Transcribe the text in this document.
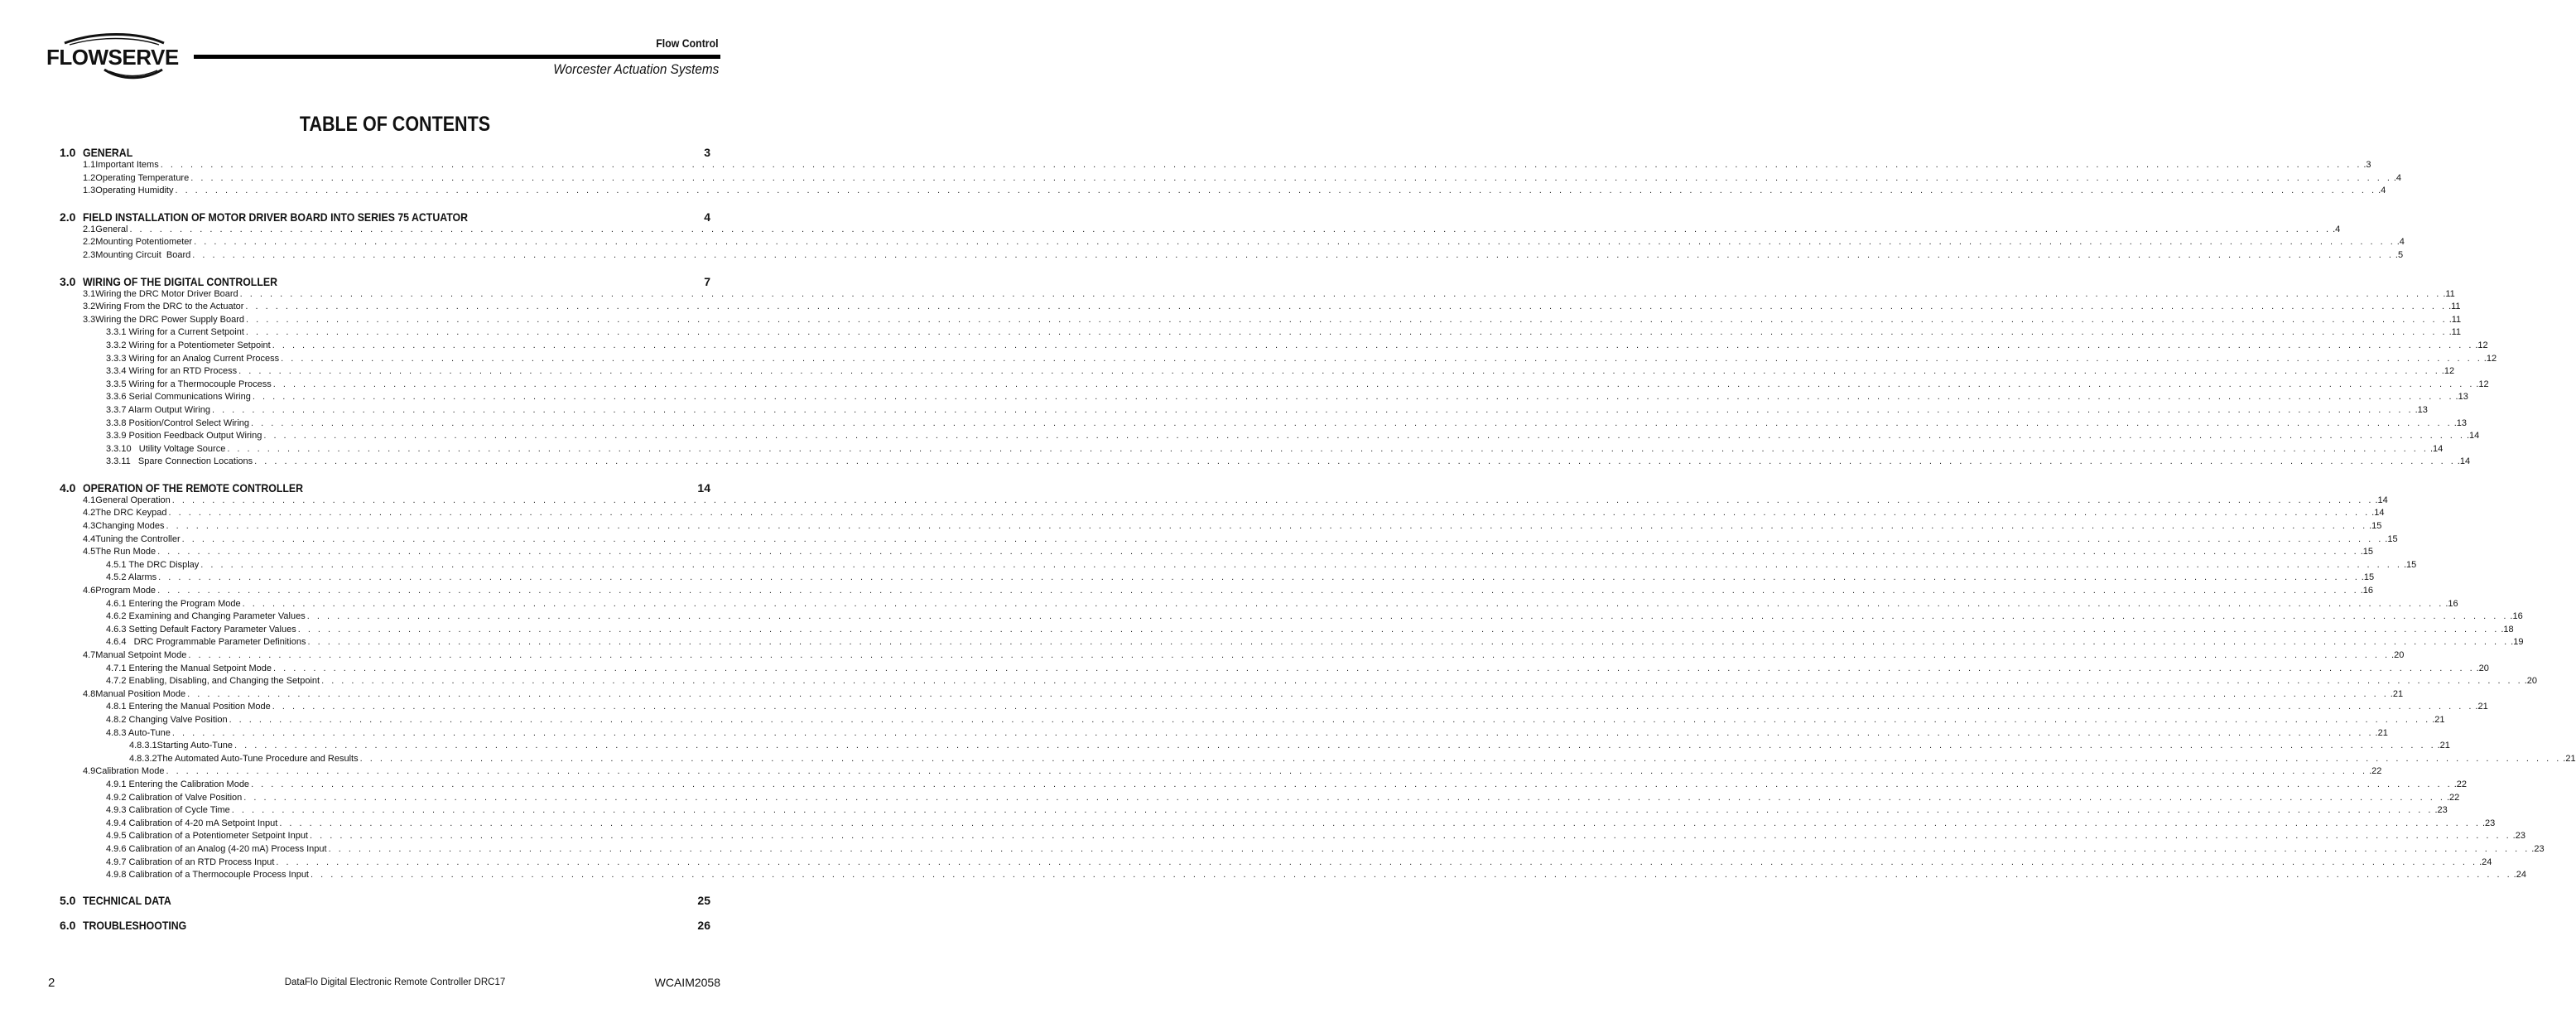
FLOWSERVE
Flow Control
Worcester Actuation Systems
TABLE OF CONTENTS
1.0 GENERAL	3
1.1 Important Items . . . . . . . . . . . . . . . . . . . . . . . . . . . . . . . . . . . . . . . . . . . . . . . . . . . . . . . . . . . . . . . . . . . . . . . . . . . . . . . . . . . . . . . . . . . . . . . . . . . . . . . . . . . . . . . . . . . . . . . . . . . . . . . . . . . . . . . . . . . . . . . . . . . . . . . . . . . . . . . . . . . . . . . . . . . . . . . . . . . . . . . . . . . . . . . . . . . . . . . . . . . . . . . . . . . . . . . . . . . . .3
1.2 Operating Temperature . . . . . . . . . . . . . . . . . . . . . . . . . . . . . . . . . . . . . . . . . . . . . . . . . . . . . . . . . . . . . . . . . . . . . . . . . . . . . . . . . . . . . . . . . . . . . . . . . . . . . . . . . . . . . . . . . . . . . . . . . . . . . . . . . . . . . . . . . . . . . . . . . . . . . . . . . . . . . . . . . . . . . . . . . . . . . . . . . . . . . . . . . . . . . . . . . . . . . . . . . . . . . . . . . . . . . . . . . . . . .4
1.3 Operating Humidity . . . . . . . . . . . . . . . . . . . . . . . . . . . . . . . . . . . . . . . . . . . . . . . . . . . . . . . . . . . . . . . . . . . . . . . . . . . . . . . . . . . . . . . . . . . . . . . . . . . . . . . . . . . . . . . . . . . . . . . . . . . . . . . . . . . . . . . . . . . . . . . . . . . . . . . . . . . . . . . . . . . . . . . . . . . . . . . . . . . . . . . . . . . . . . . . . . . . . . . . . . . . . . . . . . . . . . . . . . . . .4
2.0 FIELD INSTALLATION OF MOTOR DRIVER BOARD INTO SERIES 75 ACTUATOR	4
2.1 General . . . . . . . . . . . . . . . . . . . . . . . . . . . . . . . . . . . . . . . . . . . . . . . . . . . . . . . . . . . . . . . . . . . . . . . . . . . . . . . . . . . . . . . . . . . . . . . . . . . . . . . . . . . . . . . . . . . . . . . . . . . . . . . . . . . . . . . . . . . . . . . . . . . . . . . . . . . . . . . . . . . . . . . . . . . . . . . . . . . . . . . . . . . . . . . . . . . . . . . . . . . . . . . . . . . . . . . . . . . . .4
2.2 Mounting Potentiometer . . . . . . . . . . . . . . . . . . . . . . . . . . . . . . . . . . . . . . . . . . . . . . . . . . . . . . . . . . . . . . . . . . . . . . . . . . . . . . . . . . . . . . . . . . . . . . . . . . . . . . . . . . . . . . . . . . . . . . . . . . . . . . . . . . . . . . . . . . . . . . . . . . . . . . . . . . . . . . . . . . . . . . . . . . . . . . . . . . . . . . . . . . . . . . . . . . . . . . . . . . . . . . . . . . . . . . . . . . . . .4
2.3 Mounting Circuit  Board . . . . . . . . . . . . . . . . . . . . . . . . . . . . . . . . . . . . . . . . . . . . . . . . . . . . . . . . . . . . . . . . . . . . . . . . . . . . . . . . . . . . . . . . . . . . . . . . . . . . . . . . . . . . . . . . . . . . . . . . . . . . . . . . . . . . . . . . . . . . . . . . . . . . . . . . . . . . . . . . . . . . . . . . . . . . . . . . . . . . . . . . . . . . . . . . . . . . . . . . . . . . . . . . . . . . . . . . . . . . .5
3.0 WIRING OF THE DIGITAL CONTROLLER	7
3.1 Wiring the DRC Motor Driver Board . . . . . . . . . . . . . . . . . . . . . . . . . . . . . . . . . . . . . . . . . . . . . . . . . . . . . . . . . . . . . . . . . . . . . . . . . . . . . . . . . . . . . . . . . . . . . . . . . . . . . . . . . . . . . . . . . . . . . . . . . . . . . . . . . . . . . . . . . . . . . . . . . . . . . . . . . . . . . . . . . . . . . . . . . . . . . . . . . . . . . . . . . . . . . . . . . . . . . . . . . . . . . . . . . . . . . . . . . . . . .11
3.2 Wiring From the DRC to the Actuator . . . . . . . . . . . . . . . . . . . . . . . . . . . . . . . . . . . . . . . . . . . . . . . . . . . . . . . . . . . . . . . . . . . . . . . . . . . . . . . . . . . . . . . . . . . . . . . . . . . . . . . . . . . . . . . . . . . . . . . . . . . . . . . . . . . . . . . . . . . . . . . . . . . . . . . . . . . . . . . . . . . . . . . . . . . . . . . . . . . . . . . . . . . . . . . . . . . . . . . . . . . . . . . . . . . . . . . . . . . . .11
3.3 Wiring the DRC Power Supply Board . . . . . . . . . . . . . . . . . . . . . . . . . . . . . . . . . . . . . . . . . . . . . . . . . . . . . . . . . . . . . . . . . . . . . . . . . . . . . . . . . . . . . . . . . . . . . . . . . . . . . . . . . . . . . . . . . . . . . . . . . . . . . . . . . . . . . . . . . . . . . . . . . . . . . . . . . . . . . . . . . . . . . . . . . . . . . . . . . . . . . . . . . . . . . . . . . . . . . . . . . . . . . . . . . . . . . . . . . . . . .11
3.3.1 Wiring for a Current Setpoint . . . . . . . . . . . . . . . . . . . . . . . . . . . . . . . . . . . . . . . . . . . . . . . . . . . . . . . . . . . . . . . . . . . . . . . . . . . . . . . . . . . . . . . . . . . . . . . . . . . . . . . . . . . . . . . . . . . . . . . . . . . . . . . . . . . . . . . . . . . . . . . . . . . . . . . . . . . . . . . . . . . . . . . . . . . . . . . . . . . . . . . . . . . . . . . . . . . . . . . . . . . . . . . . . . . . . . . . . . . . .11
3.3.2 Wiring for a Potentiometer Setpoint . . . . . . . . . . . . . . . . . . . . . . . . . . . . . . . . . . . . . . . . . . . . . . . . . . . . . . . . . . . . . . . . . . . . . . . . . . . . . . . . . . . . . . . . . . . . . . . . . . . . . . . . . . . . . . . . . . . . . . . . . . . . . . . . . . . . . . . . . . . . . . . . . . . . . . . . . . . . . . . . . . . . . . . . . . . . . . . . . . . . . . . . . . . . . . . . . . . . . . . . . . . . . . . . . . . . . . . . . . . . .12
3.3.3 Wiring for an Analog Current Process . . . . . . . . . . . . . . . . . . . . . . . . . . . . . . . . . . . . . . . . . . . . . . . . . . . . . . . . . . . . . . . . . . . . . . . . . . . . . . . . . . . . . . . . . . . . . . . . . . . . . . . . . . . . . . . . . . . . . . . . . . . . . . . . . . . . . . . . . . . . . . . . . . . . . . . . . . . . . . . . . . . . . . . . . . . . . . . . . . . . . . . . . . . . . . . . . . . . . . . . . . . . . . . . . . . . . . . . . . . . .12
3.3.4 Wiring for an RTD Process . . . . . . . . . . . . . . . . . . . . . . . . . . . . . . . . . . . . . . . . . . . . . . . . . . . . . . . . . . . . . . . . . . . . . . . . . . . . . . . . . . . . . . . . . . . . . . . . . . . . . . . . . . . . . . . . . . . . . . . . . . . . . . . . . . . . . . . . . . . . . . . . . . . . . . . . . . . . . . . . . . . . . . . . . . . . . . . . . . . . . . . . . . . . . . . . . . . . . . . . . . . . . . . . . . . . . . . . . . . . .12
3.3.5 Wiring for a Thermocouple Process . . . . . . . . . . . . . . . . . . . . . . . . . . . . . . . . . . . . . . . . . . . . . . . . . . . . . . . . . . . . . . . . . . . . . . . . . . . . . . . . . . . . . . . . . . . . . . . . . . . . . . . . . . . . . . . . . . . . . . . . . . . . . . . . . . . . . . . . . . . . . . . . . . . . . . . . . . . . . . . . . . . . . . . . . . . . . . . . . . . . . . . . . . . . . . . . . . . . . . . . . . . . . . . . . . . . . . . . . . . . .12
3.3.6 Serial Communications Wiring . . . . . . . . . . . . . . . . . . . . . . . . . . . . . . . . . . . . . . . . . . . . . . . . . . . . . . . . . . . . . . . . . . . . . . . . . . . . . . . . . . . . . . . . . . . . . . . . . . . . . . . . . . . . . . . . . . . . . . . . . . . . . . . . . . . . . . . . . . . . . . . . . . . . . . . . . . . . . . . . . . . . . . . . . . . . . . . . . . . . . . . . . . . . . . . . . . . . . . . . . . . . . . . . . . . . . . . . . . . . .13
3.3.7 Alarm Output Wiring . . . . . . . . . . . . . . . . . . . . . . . . . . . . . . . . . . . . . . . . . . . . . . . . . . . . . . . . . . . . . . . . . . . . . . . . . . . . . . . . . . . . . . . . . . . . . . . . . . . . . . . . . . . . . . . . . . . . . . . . . . . . . . . . . . . . . . . . . . . . . . . . . . . . . . . . . . . . . . . . . . . . . . . . . . . . . . . . . . . . . . . . . . . . . . . . . . . . . . . . . . . . . . . . . . . . . . . . . . . . .13
3.3.8 Position/Control Select Wiring . . . . . . . . . . . . . . . . . . . . . . . . . . . . . . . . . . . . . . . . . . . . . . . . . . . . . . . . . . . . . . . . . . . . . . . . . . . . . . . . . . . . . . . . . . . . . . . . . . . . . . . . . . . . . . . . . . . . . . . . . . . . . . . . . . . . . . . . . . . . . . . . . . . . . . . . . . . . . . . . . . . . . . . . . . . . . . . . . . . . . . . . . . . . . . . . . . . . . . . . . . . . . . . . . . . . . . . . . . . . .13
3.3.9 Position Feedback Output Wiring . . . . . . . . . . . . . . . . . . . . . . . . . . . . . . . . . . . . . . . . . . . . . . . . . . . . . . . . . . . . . . . . . . . . . . . . . . . . . . . . . . . . . . . . . . . . . . . . . . . . . . . . . . . . . . . . . . . . . . . . . . . . . . . . . . . . . . . . . . . . . . . . . . . . . . . . . . . . . . . . . . . . . . . . . . . . . . . . . . . . . . . . . . . . . . . . . . . . . . . . . . . . . . . . . . . . . . . . . . . . .14
3.3.10   Utility Voltage Source . . . . . . . . . . . . . . . . . . . . . . . . . . . . . . . . . . . . . . . . . . . . . . . . . . . . . . . . . . . . . . . . . . . . . . . . . . . . . . . . . . . . . . . . . . . . . . . . . . . . . . . . . . . . . . . . . . . . . . . . . . . . . . . . . . . . . . . . . . . . . . . . . . . . . . . . . . . . . . . . . . . . . . . . . . . . . . . . . . . . . . . . . . . . . . . . . . . . . . . . . . . . . . . . . . . . . . . . . . . . .14
3.3.11   Spare Connection Locations . . . . . . . . . . . . . . . . . . . . . . . . . . . . . . . . . . . . . . . . . . . . . . . . . . . . . . . . . . . . . . . . . . . . . . . . . . . . . . . . . . . . . . . . . . . . . . . . . . . . . . . . . . . . . . . . . . . . . . . . . . . . . . . . . . . . . . . . . . . . . . . . . . . . . . . . . . . . . . . . . . . . . . . . . . . . . . . . . . . . . . . . . . . . . . . . . . . . . . . . . . . . . . . . . . . . . . . . . . . . .14
4.0 OPERATION OF THE REMOTE CONTROLLER	14
4.1 General Operation . . . . . . . . . . . . . . . . . . . . . . . . . . . . . . . . . . . . . . . . . . . . . . . . . . . . . . . . . . . . . . . . . . . . . . . . . . . . . . . . . . . . . . . . . . . . . . . . . . . . . . . . . . . . . . . . . . . . . . . . . . . . . . . . . . . . . . . . . . . . . . . . . . . . . . . . . . . . . . . . . . . . . . . . . . . . . . . . . . . . . . . . . . . . . . . . . . . . . . . . . . . . . . . . . . . . . . . . . . . . .14
4.2 The DRC Keypad . . . . . . . . . . . . . . . . . . . . . . . . . . . . . . . . . . . . . . . . . . . . . . . . . . . . . . . . . . . . . . . . . . . . . . . . . . . . . . . . . . . . . . . . . . . . . . . . . . . . . . . . . . . . . . . . . . . . . . . . . . . . . . . . . . . . . . . . . . . . . . . . . . . . . . . . . . . . . . . . . . . . . . . . . . . . . . . . . . . . . . . . . . . . . . . . . . . . . . . . . . . . . . . . . . . . . . . . . . . . .14
4.3 Changing Modes . . . . . . . . . . . . . . . . . . . . . . . . . . . . . . . . . . . . . . . . . . . . . . . . . . . . . . . . . . . . . . . . . . . . . . . . . . . . . . . . . . . . . . . . . . . . . . . . . . . . . . . . . . . . . . . . . . . . . . . . . . . . . . . . . . . . . . . . . . . . . . . . . . . . . . . . . . . . . . . . . . . . . . . . . . . . . . . . . . . . . . . . . . . . . . . . . . . . . . . . . . . . . . . . . . . . . . . . . . . . .15
4.4 Tuning the Controller . . . . . . . . . . . . . . . . . . . . . . . . . . . . . . . . . . . . . . . . . . . . . . . . . . . . . . . . . . . . . . . . . . . . . . . . . . . . . . . . . . . . . . . . . . . . . . . . . . . . . . . . . . . . . . . . . . . . . . . . . . . . . . . . . . . . . . . . . . . . . . . . . . . . . . . . . . . . . . . . . . . . . . . . . . . . . . . . . . . . . . . . . . . . . . . . . . . . . . . . . . . . . . . . . . . . . . . . . . . . .15
4.5 The Run Mode . . . . . . . . . . . . . . . . . . . . . . . . . . . . . . . . . . . . . . . . . . . . . . . . . . . . . . . . . . . . . . . . . . . . . . . . . . . . . . . . . . . . . . . . . . . . . . . . . . . . . . . . . . . . . . . . . . . . . . . . . . . . . . . . . . . . . . . . . . . . . . . . . . . . . . . . . . . . . . . . . . . . . . . . . . . . . . . . . . . . . . . . . . . . . . . . . . . . . . . . . . . . . . . . . . . . . . . . . . . . .15
4.5.1 The DRC Display . . . . . . . . . . . . . . . . . . . . . . . . . . . . . . . . . . . . . . . . . . . . . . . . . . . . . . . . . . . . . . . . . . . . . . . . . . . . . . . . . . . . . . . . . . . . . . . . . . . . . . . . . . . . . . . . . . . . . . . . . . . . . . . . . . . . . . . . . . . . . . . . . . . . . . . . . . . . . . . . . . . . . . . . . . . . . . . . . . . . . . . . . . . . . . . . . . . . . . . . . . . . . . . . . . . . . . . . . . . . .15
4.5.2 Alarms . . . . . . . . . . . . . . . . . . . . . . . . . . . . . . . . . . . . . . . . . . . . . . . . . . . . . . . . . . . . . . . . . . . . . . . . . . . . . . . . . . . . . . . . . . . . . . . . . . . . . . . . . . . . . . . . . . . . . . . . . . . . . . . . . . . . . . . . . . . . . . . . . . . . . . . . . . . . . . . . . . . . . . . . . . . . . . . . . . . . . . . . . . . . . . . . . . . . . . . . . . . . . . . . . . . . . . . . . . . . .15
4.6 Program Mode . . . . . . . . . . . . . . . . . . . . . . . . . . . . . . . . . . . . . . . . . . . . . . . . . . . . . . . . . . . . . . . . . . . . . . . . . . . . . . . . . . . . . . . . . . . . . . . . . . . . . . . . . . . . . . . . . . . . . . . . . . . . . . . . . . . . . . . . . . . . . . . . . . . . . . . . . . . . . . . . . . . . . . . . . . . . . . . . . . . . . . . . . . . . . . . . . . . . . . . . . . . . . . . . . . . . . . . . . . . . .16
4.6.1 Entering the Program Mode . . . . . . . . . . . . . . . . . . . . . . . . . . . . . . . . . . . . . . . . . . . . . . . . . . . . . . . . . . . . . . . . . . . . . . . . . . . . . . . . . . . . . . . . . . . . . . . . . . . . . . . . . . . . . . . . . . . . . . . . . . . . . . . . . . . . . . . . . . . . . . . . . . . . . . . . . . . . . . . . . . . . . . . . . . . . . . . . . . . . . . . . . . . . . . . . . . . . . . . . . . . . . . . . . . . . . . . . . . . . .16
4.6.2 Examining and Changing Parameter Values . . . . . . . . . . . . . . . . . . . . . . . . . . . . . . . . . . . . . . . . . . . . . . . . . . . . . . . . . . . . . . . . . . . . . . . . . . . . . . . . . . . . . . . . . . . . . . . . . . . . . . . . . . . . . . . . . . . . . . . . . . . . . . . . . . . . . . . . . . . . . . . . . . . . . . . . . . . . . . . . . . . . . . . . . . . . . . . . . . . . . . . . . . . . . . . . . . . . . . . . . . . . . . . . . . . . . . . . . . . . .16
4.6.3 Setting Default Factory Parameter Values . . . . . . . . . . . . . . . . . . . . . . . . . . . . . . . . . . . . . . . . . . . . . . . . . . . . . . . . . . . . . . . . . . . . . . . . . . . . . . . . . . . . . . . . . . . . . . . . . . . . . . . . . . . . . . . . . . . . . . . . . . . . . . . . . . . . . . . . . . . . . . . . . . . . . . . . . . . . . . . . . . . . . . . . . . . . . . . . . . . . . . . . . . . . . . . . . . . . . . . . . . . . . . . . . . . . . . . . . . . . .18
4.6.4   DRC Programmable Parameter Definitions . . . . . . . . . . . . . . . . . . . . . . . . . . . . . . . . . . . . . . . . . . . . . . . . . . . . . . . . . . . . . . . . . . . . . . . . . . . . . . . . . . . . . . . . . . . . . . . . . . . . . . . . . . . . . . . . . . . . . . . . . . . . . . . . . . . . . . . . . . . . . . . . . . . . . . . . . . . . . . . . . . . . . . . . . . . . . . . . . . . . . . . . . . . . . . . . . . . . . . . . . . . . . . . . . . . . . . . . . . . . .19
4.7 Manual Setpoint Mode . . . . . . . . . . . . . . . . . . . . . . . . . . . . . . . . . . . . . . . . . . . . . . . . . . . . . . . . . . . . . . . . . . . . . . . . . . . . . . . . . . . . . . . . . . . . . . . . . . . . . . . . . . . . . . . . . . . . . . . . . . . . . . . . . . . . . . . . . . . . . . . . . . . . . . . . . . . . . . . . . . . . . . . . . . . . . . . . . . . . . . . . . . . . . . . . . . . . . . . . . . . . . . . . . . . . . . . . . . . . .20
4.7.1 Entering the Manual Setpoint Mode . . . . . . . . . . . . . . . . . . . . . . . . . . . . . . . . . . . . . . . . . . . . . . . . . . . . . . . . . . . . . . . . . . . . . . . . . . . . . . . . . . . . . . . . . . . . . . . . . . . . . . . . . . . . . . . . . . . . . . . . . . . . . . . . . . . . . . . . . . . . . . . . . . . . . . . . . . . . . . . . . . . . . . . . . . . . . . . . . . . . . . . . . . . . . . . . . . . . . . . . . . . . . . . . . . . . . . . . . . . . .20
4.7.2 Enabling, Disabling, and Changing the Setpoint . . . . . . . . . . . . . . . . . . . . . . . . . . . . . . . . . . . . . . . . . . . . . . . . . . . . . . . . . . . . . . . . . . . . . . . . . . . . . . . . . . . . . . . . . . . . . . . . . . . . . . . . . . . . . . . . . . . . . . . . . . . . . . . . . . . . . . . . . . . . . . . . . . . . . . . . . . . . . . . . . . . . . . . . . . . . . . . . . . . . . . . . . . . . . . . . . . . . . . . . . . . . . . . . . . . . . . . . . . . . .20
4.8 Manual Position Mode . . . . . . . . . . . . . . . . . . . . . . . . . . . . . . . . . . . . . . . . . . . . . . . . . . . . . . . . . . . . . . . . . . . . . . . . . . . . . . . . . . . . . . . . . . . . . . . . . . . . . . . . . . . . . . . . . . . . . . . . . . . . . . . . . . . . . . . . . . . . . . . . . . . . . . . . . . . . . . . . . . . . . . . . . . . . . . . . . . . . . . . . . . . . . . . . . . . . . . . . . . . . . . . . . . . . . . . . . . . . .21
4.8.1 Entering the Manual Position Mode . . . . . . . . . . . . . . . . . . . . . . . . . . . . . . . . . . . . . . . . . . . . . . . . . . . . . . . . . . . . . . . . . . . . . . . . . . . . . . . . . . . . . . . . . . . . . . . . . . . . . . . . . . . . . . . . . . . . . . . . . . . . . . . . . . . . . . . . . . . . . . . . . . . . . . . . . . . . . . . . . . . . . . . . . . . . . . . . . . . . . . . . . . . . . . . . . . . . . . . . . . . . . . . . . . . . . . . . . . . . .21
4.8.2 Changing Valve Position . . . . . . . . . . . . . . . . . . . . . . . . . . . . . . . . . . . . . . . . . . . . . . . . . . . . . . . . . . . . . . . . . . . . . . . . . . . . . . . . . . . . . . . . . . . . . . . . . . . . . . . . . . . . . . . . . . . . . . . . . . . . . . . . . . . . . . . . . . . . . . . . . . . . . . . . . . . . . . . . . . . . . . . . . . . . . . . . . . . . . . . . . . . . . . . . . . . . . . . . . . . . . . . . . . . . . . . . . . . . .21
4.8.3 Auto-Tune . . . . . . . . . . . . . . . . . . . . . . . . . . . . . . . . . . . . . . . . . . . . . . . . . . . . . . . . . . . . . . . . . . . . . . . . . . . . . . . . . . . . . . . . . . . . . . . . . . . . . . . . . . . . . . . . . . . . . . . . . . . . . . . . . . . . . . . . . . . . . . . . . . . . . . . . . . . . . . . . . . . . . . . . . . . . . . . . . . . . . . . . . . . . . . . . . . . . . . . . . . . . . . . . . . . . . . . . . . . . .21
4.8.3.1 Starting Auto-Tune . . . . . . . . . . . . . . . . . . . . . . . . . . . . . . . . . . . . . . . . . . . . . . . . . . . . . . . . . . . . . . . . . . . . . . . . . . . . . . . . . . . . . . . . . . . . . . . . . . . . . . . . . . . . . . . . . . . . . . . . . . . . . . . . . . . . . . . . . . . . . . . . . . . . . . . . . . . . . . . . . . . . . . . . . . . . . . . . . . . . . . . . . . . . . . . . . . . . . . . . . . . . . . . . . . . . . . . . . . . . .21
4.8.3.2 The Automated Auto-Tune Procedure and Results . . . . . . . . . . . . . . . . . . . . . . . . . . . . . . . . . . . . . . . . . . . . . . . . . . . . . . . . . . . . . . . . . . . . . . . . . . . . . . . . . . . . . . . . . . . . . . . . . . . . . . . . . . . . . . . . . . . . . . . . . . . . . . . . . . . . . . . . . . . . . . . . . . . . . . . . . . . . . . . . . . . . . . . . . . . . . . . . . . . . . . . . . . . . . . . . . . . . . . . . . . . . . . . . . . . . . . . . . . . . .21
4.9 Calibration Mode . . . . . . . . . . . . . . . . . . . . . . . . . . . . . . . . . . . . . . . . . . . . . . . . . . . . . . . . . . . . . . . . . . . . . . . . . . . . . . . . . . . . . . . . . . . . . . . . . . . . . . . . . . . . . . . . . . . . . . . . . . . . . . . . . . . . . . . . . . . . . . . . . . . . . . . . . . . . . . . . . . . . . . . . . . . . . . . . . . . . . . . . . . . . . . . . . . . . . . . . . . . . . . . . . . . . . . . . . . . . .22
4.9.1 Entering the Calibration Mode . . . . . . . . . . . . . . . . . . . . . . . . . . . . . . . . . . . . . . . . . . . . . . . . . . . . . . . . . . . . . . . . . . . . . . . . . . . . . . . . . . . . . . . . . . . . . . . . . . . . . . . . . . . . . . . . . . . . . . . . . . . . . . . . . . . . . . . . . . . . . . . . . . . . . . . . . . . . . . . . . . . . . . . . . . . . . . . . . . . . . . . . . . . . . . . . . . . . . . . . . . . . . . . . . . . . . . . . . . . . .22
4.9.2 Calibration of Valve Position . . . . . . . . . . . . . . . . . . . . . . . . . . . . . . . . . . . . . . . . . . . . . . . . . . . . . . . . . . . . . . . . . . . . . . . . . . . . . . . . . . . . . . . . . . . . . . . . . . . . . . . . . . . . . . . . . . . . . . . . . . . . . . . . . . . . . . . . . . . . . . . . . . . . . . . . . . . . . . . . . . . . . . . . . . . . . . . . . . . . . . . . . . . . . . . . . . . . . . . . . . . . . . . . . . . . . . . . . . . . .22
4.9.3 Calibration of Cycle Time . . . . . . . . . . . . . . . . . . . . . . . . . . . . . . . . . . . . . . . . . . . . . . . . . . . . . . . . . . . . . . . . . . . . . . . . . . . . . . . . . . . . . . . . . . . . . . . . . . . . . . . . . . . . . . . . . . . . . . . . . . . . . . . . . . . . . . . . . . . . . . . . . . . . . . . . . . . . . . . . . . . . . . . . . . . . . . . . . . . . . . . . . . . . . . . . . . . . . . . . . . . . . . . . . . . . . . . . . . . . .23
4.9.4 Calibration of 4-20 mA Setpoint Input . . . . . . . . . . . . . . . . . . . . . . . . . . . . . . . . . . . . . . . . . . . . . . . . . . . . . . . . . . . . . . . . . . . . . . . . . . . . . . . . . . . . . . . . . . . . . . . . . . . . . . . . . . . . . . . . . . . . . . . . . . . . . . . . . . . . . . . . . . . . . . . . . . . . . . . . . . . . . . . . . . . . . . . . . . . . . . . . . . . . . . . . . . . . . . . . . . . . . . . . . . . . . . . . . . . . . . . . . . . . .23
4.9.5 Calibration of a Potentiometer Setpoint Input . . . . . . . . . . . . . . . . . . . . . . . . . . . . . . . . . . . . . . . . . . . . . . . . . . . . . . . . . . . . . . . . . . . . . . . . . . . . . . . . . . . . . . . . . . . . . . . . . . . . . . . . . . . . . . . . . . . . . . . . . . . . . . . . . . . . . . . . . . . . . . . . . . . . . . . . . . . . . . . . . . . . . . . . . . . . . . . . . . . . . . . . . . . . . . . . . . . . . . . . . . . . . . . . . . . . . . . . . . . . .23
4.9.6 Calibration of an Analog (4-20 mA) Process Input . . . . . . . . . . . . . . . . . . . . . . . . . . . . . . . . . . . . . . . . . . . . . . . . . . . . . . . . . . . . . . . . . . . . . . . . . . . . . . . . . . . . . . . . . . . . . . . . . . . . . . . . . . . . . . . . . . . . . . . . . . . . . . . . . . . . . . . . . . . . . . . . . . . . . . . . . . . . . . . . . . . . . . . . . . . . . . . . . . . . . . . . . . . . . . . . . . . . . . . . . . . . . . . . . . . . . . . . . . . . .23
4.9.7 Calibration of an RTD Process Input . . . . . . . . . . . . . . . . . . . . . . . . . . . . . . . . . . . . . . . . . . . . . . . . . . . . . . . . . . . . . . . . . . . . . . . . . . . . . . . . . . . . . . . . . . . . . . . . . . . . . . . . . . . . . . . . . . . . . . . . . . . . . . . . . . . . . . . . . . . . . . . . . . . . . . . . . . . . . . . . . . . . . . . . . . . . . . . . . . . . . . . . . . . . . . . . . . . . . . . . . . . . . . . . . . . . . . . . . . . . .24
4.9.8 Calibration of a Thermocouple Process Input . . . . . . . . . . . . . . . . . . . . . . . . . . . . . . . . . . . . . . . . . . . . . . . . . . . . . . . . . . . . . . . . . . . . . . . . . . . . . . . . . . . . . . . . . . . . . . . . . . . . . . . . . . . . . . . . . . . . . . . . . . . . . . . . . . . . . . . . . . . . . . . . . . . . . . . . . . . . . . . . . . . . . . . . . . . . . . . . . . . . . . . . . . . . . . . . . . . . . . . . . . . . . . . . . . . . . . . . . . . . .24
5.0 TECHNICAL DATA	25
6.0 TROUBLESHOOTING	26
2	DataFlo Digital Electronic Remote Controller DRC17	WCAIM2058
